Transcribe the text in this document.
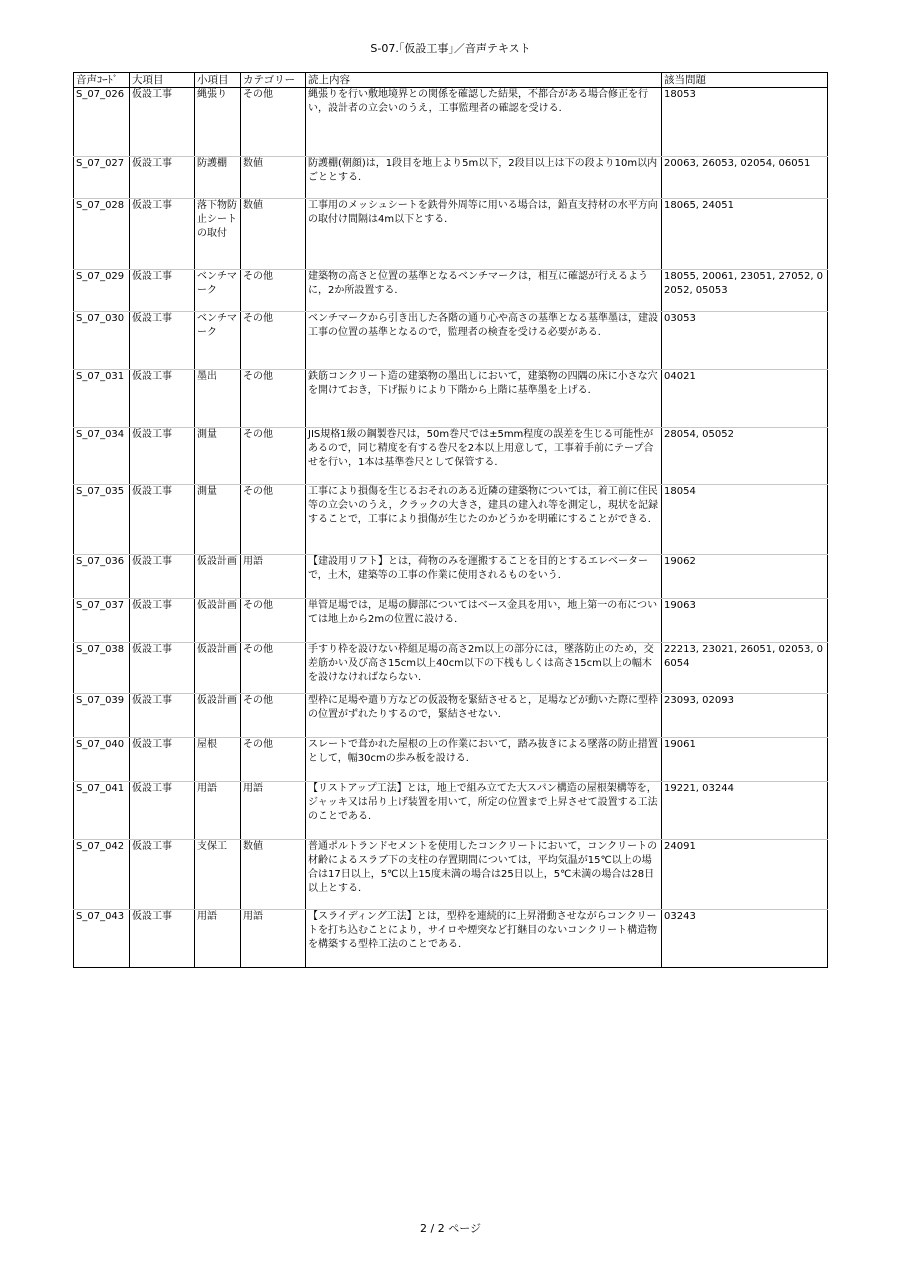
S-07.｢仮設工事｣／音声テキスト
音声ｺｰﾄﾞ	大項目	小項目	カテゴリー	読上内容	該当問題
S_07_026	仮設工事	縄張り	その他	縄張りを行い敷地境界との関係を確認した結果，不都合がある場合修正を行い，設計者の立会いのうえ，工事監理者の確認を受ける．	18053
S_07_027	仮設工事	防護棚	数値	防護棚(朝顔)は，1段目を地上より5m以下，2段目以上は下の段より10m以内ごととする．	20063, 26053, 02054, 06051
S_07_028	仮設工事	落下物防止シートの取付	数値	工事用のメッシュシートを鉄骨外周等に用いる場合は，鉛直支持材の水平方向の取付け間隔は4m以下とする．	18065, 24051
S_07_029	仮設工事	ベンチマーク	その他	建築物の高さと位置の基準となるベンチマークは，相互に確認が行えるように，2か所設置する．	18055, 20061, 23051, 27052, 02052, 05053
S_07_030	仮設工事	ベンチマーク	その他	ベンチマークから引き出した各階の通り心や高さの基準となる基準墨は，建設工事の位置の基準となるので，監理者の検査を受ける必要がある．	03053
S_07_031	仮設工事	墨出	その他	鉄筋コンクリート造の建築物の墨出しにおいて，建築物の四隅の床に小さな穴を開けておき，下げ振りにより下階から上階に基準墨を上げる．	04021
S_07_034	仮設工事	測量	その他	JIS規格1級の鋼製巻尺は，50m巻尺では±5mm程度の誤差を生じる可能性があるので，同じ精度を有する巻尺を2本以上用意して，工事着手前にテープ合せを行い，1本は基準巻尺として保管する．	28054, 05052
S_07_035	仮設工事	測量	その他	工事により損傷を生じるおそれのある近隣の建築物については，着工前に住民等の立会いのうえ，クラックの大きさ，建具の建入れ等を測定し，現状を記録することで，工事により損傷が生じたのかどうかを明確にすることができる．	18054
S_07_036	仮設工事	仮設計画	用語	【建設用リフト】とは，荷物のみを運搬することを目的とするエレベーターで，土木，建築等の工事の作業に使用されるものをいう．	19062
S_07_037	仮設工事	仮設計画	その他	単管足場では，足場の脚部についてはベース金具を用い，地上第一の布については地上から2mの位置に設ける．	19063
S_07_038	仮設工事	仮設計画	その他	手すり枠を設けない枠組足場の高さ2m以上の部分には，墜落防止のため，交差筋かい及び高さ15cm以上40cm以下の下桟もしくは高さ15cm以上の幅木を設けなければならない．	22213, 23021, 26051, 02053, 06054
S_07_039	仮設工事	仮設計画	その他	型枠に足場や遣り方などの仮設物を緊結させると，足場などが動いた際に型枠の位置がずれたりするので，緊結させない．	23093, 02093
S_07_040	仮設工事	屋根	その他	スレートで葺かれた屋根の上の作業において，踏み抜きによる墜落の防止措置として，幅30cmの歩み板を設ける．	19061
S_07_041	仮設工事	用語	用語	【リストアップ工法】とは，地上で組み立てた大スパン構造の屋根架構等を，ジャッキ又は吊り上げ装置を用いて，所定の位置まで上昇させて設置する工法のことである．	19221, 03244
S_07_042	仮設工事	支保工	数値	普通ポルトランドセメントを使用したコンクリートにおいて，コンクリートの材齢によるスラブ下の支柱の存置期間については，平均気温が15℃以上の場合は17日以上，5℃以上15度未満の場合は25日以上，5℃未満の場合は28日以上とする．	24091
S_07_043	仮設工事	用語	用語	【スライディング工法】とは，型枠を連続的に上昇滑動させながらコンクリートを打ち込むことにより，サイロや煙突など打継目のないコンクリート構造物を構築する型枠工法のことである．	03243
2 / 2 ページ
